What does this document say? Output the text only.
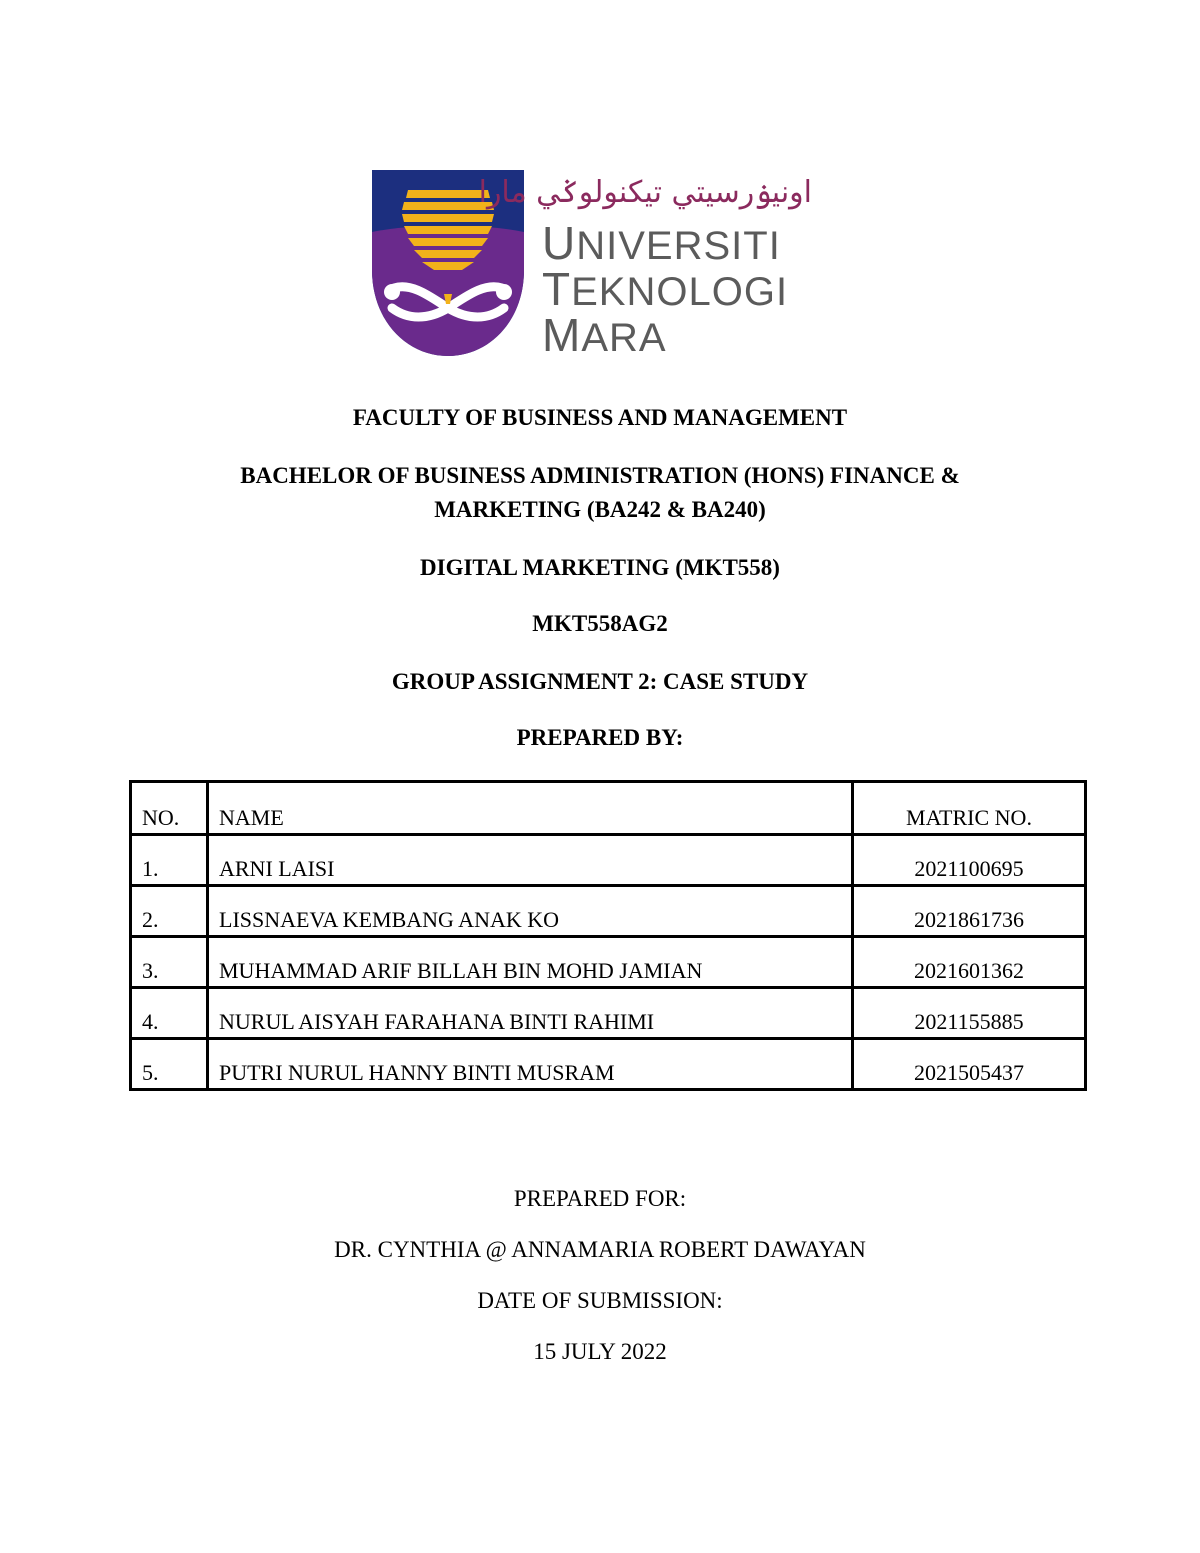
اونيۏرسيتي تيکنولوݢي مارا
UNIVERSITI
TEKNOLOGI
MARA
FACULTY OF BUSINESS AND MANAGEMENT
BACHELOR OF BUSINESS ADMINISTRATION (HONS) FINANCE &
MARKETING (BA242 & BA240)
DIGITAL MARKETING (MKT558)
MKT558AG2
GROUP ASSIGNMENT 2: CASE STUDY
PREPARED BY:
NO.	NAME	MATRIC NO.
1.	ARNI LAISI	2021100695
2.	LISSNAEVA KEMBANG ANAK KO	2021861736
3.	MUHAMMAD ARIF BILLAH BIN MOHD JAMIAN	2021601362
4.	NURUL AISYAH FARAHANA BINTI RAHIMI	2021155885
5.	PUTRI NURUL HANNY BINTI MUSRAM	2021505437
PREPARED FOR:
DR. CYNTHIA @ ANNAMARIA ROBERT DAWAYAN
DATE OF SUBMISSION:
15 JULY 2022
